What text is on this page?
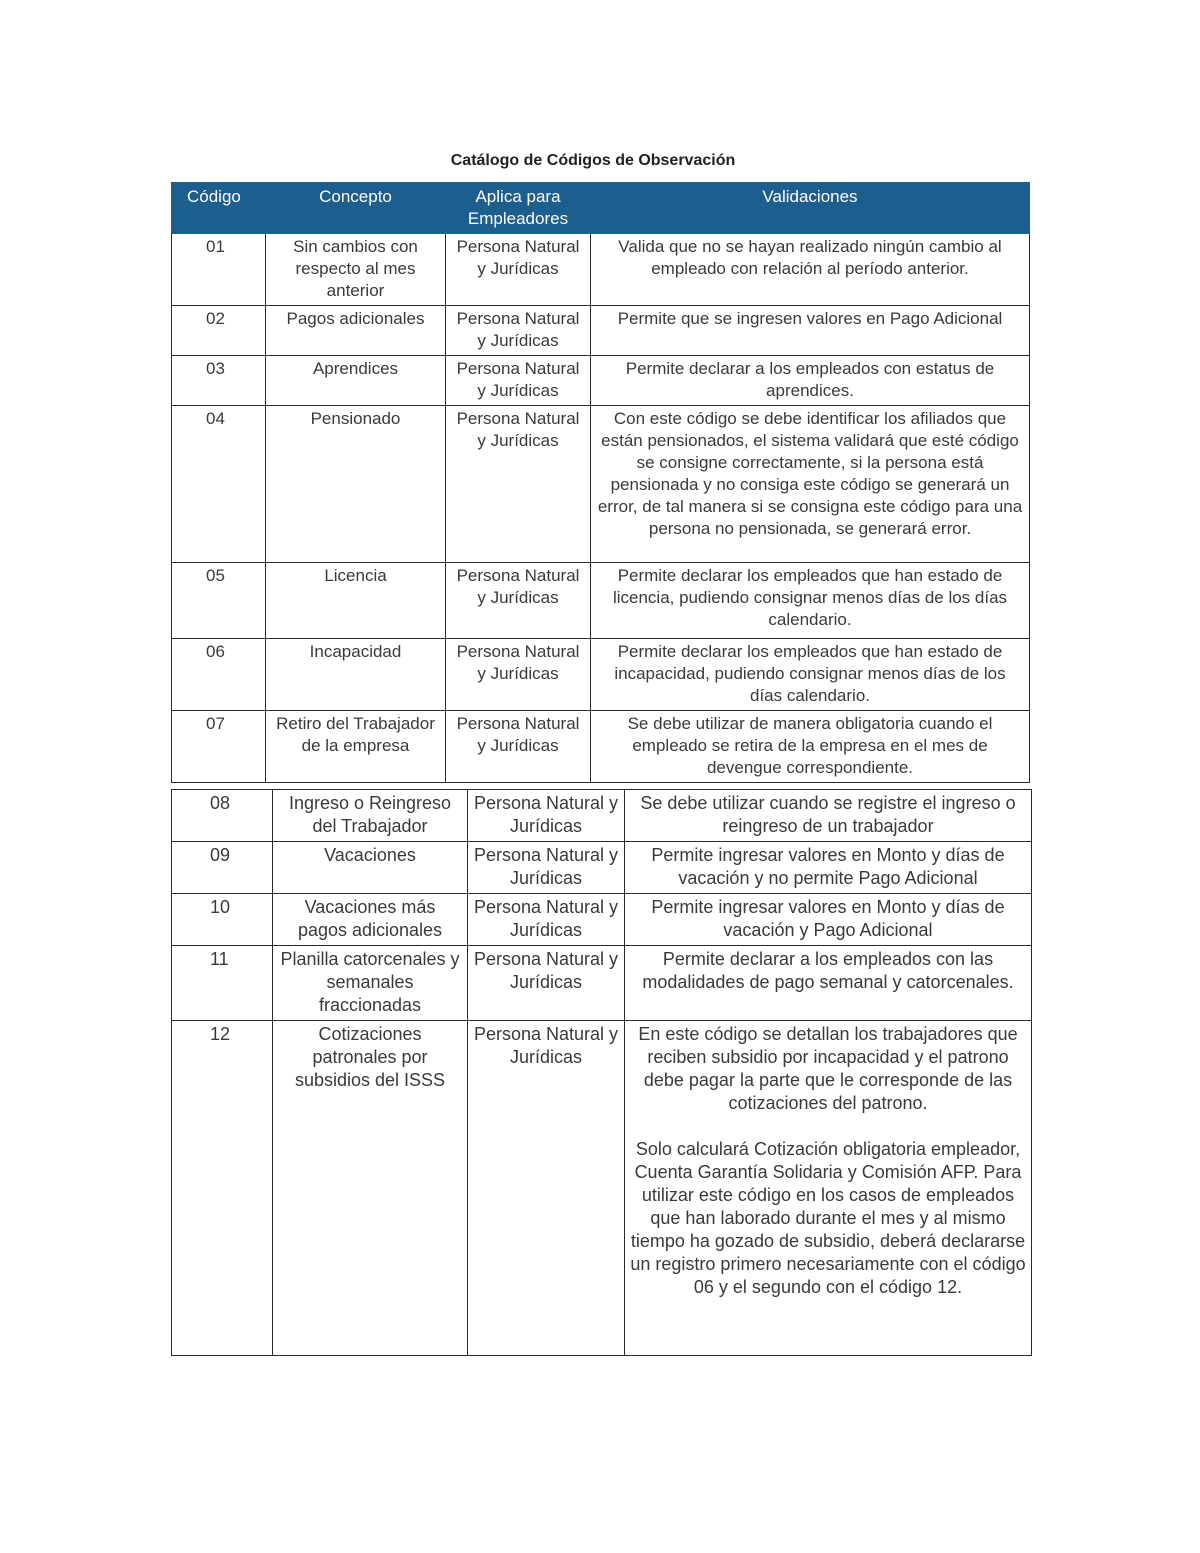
Catálogo de Códigos de Observación
Código	Concepto	Aplica para Empleadores	Validaciones
01	Sin cambios con respecto al mes anterior	Persona Natural y Jurídicas	Valida que no se hayan realizado ningún cambio al empleado con relación al período anterior.
02	Pagos adicionales	Persona Natural y Jurídicas	Permite que se ingresen valores en Pago Adicional
03	Aprendices	Persona Natural y Jurídicas	Permite declarar a los empleados con estatus de aprendices.
04	Pensionado	Persona Natural y Jurídicas	Con este código se debe identificar los afiliados que están pensionados, el sistema validará que esté código se consigne correctamente, si la persona está pensionada y no consiga este código se generará un error, de tal manera si se consigna este código para una persona no pensionada, se generará error.
05	Licencia	Persona Natural y Jurídicas	Permite declarar los empleados que han estado de licencia, pudiendo consignar menos días de los días calendario.
06	Incapacidad	Persona Natural y Jurídicas	Permite declarar los empleados que han estado de incapacidad, pudiendo consignar menos días de los días calendario.
07	Retiro del Trabajador de la empresa	Persona Natural y Jurídicas	Se debe utilizar de manera obligatoria cuando el empleado se retira de la empresa en el mes de devengue correspondiente.
08	Ingreso o Reingreso del Trabajador	Persona Natural y Jurídicas	Se debe utilizar cuando se registre el ingreso o reingreso de un trabajador
09	Vacaciones	Persona Natural y Jurídicas	Permite ingresar valores en Monto y días de vacación y no permite Pago Adicional
10	Vacaciones más pagos adicionales	Persona Natural y Jurídicas	Permite ingresar valores en Monto y días de vacación y Pago Adicional
11	Planilla catorcenales y semanales fraccionadas	Persona Natural y Jurídicas	Permite declarar a los empleados con las modalidades de pago semanal y catorcenales.
12	Cotizaciones patronales por subsidios del ISSS	Persona Natural y Jurídicas	En este código se detallan los trabajadores que reciben subsidio por incapacidad y el patrono debe pagar la parte que le corresponde de las cotizaciones del patrono.
Solo calculará Cotización obligatoria empleador, Cuenta Garantía Solidaria y Comisión AFP. Para utilizar este código en los casos de empleados que han laborado durante el mes y al mismo tiempo ha gozado de subsidio, deberá declararse un registro primero necesariamente con el código 06 y el segundo con el código 12.
